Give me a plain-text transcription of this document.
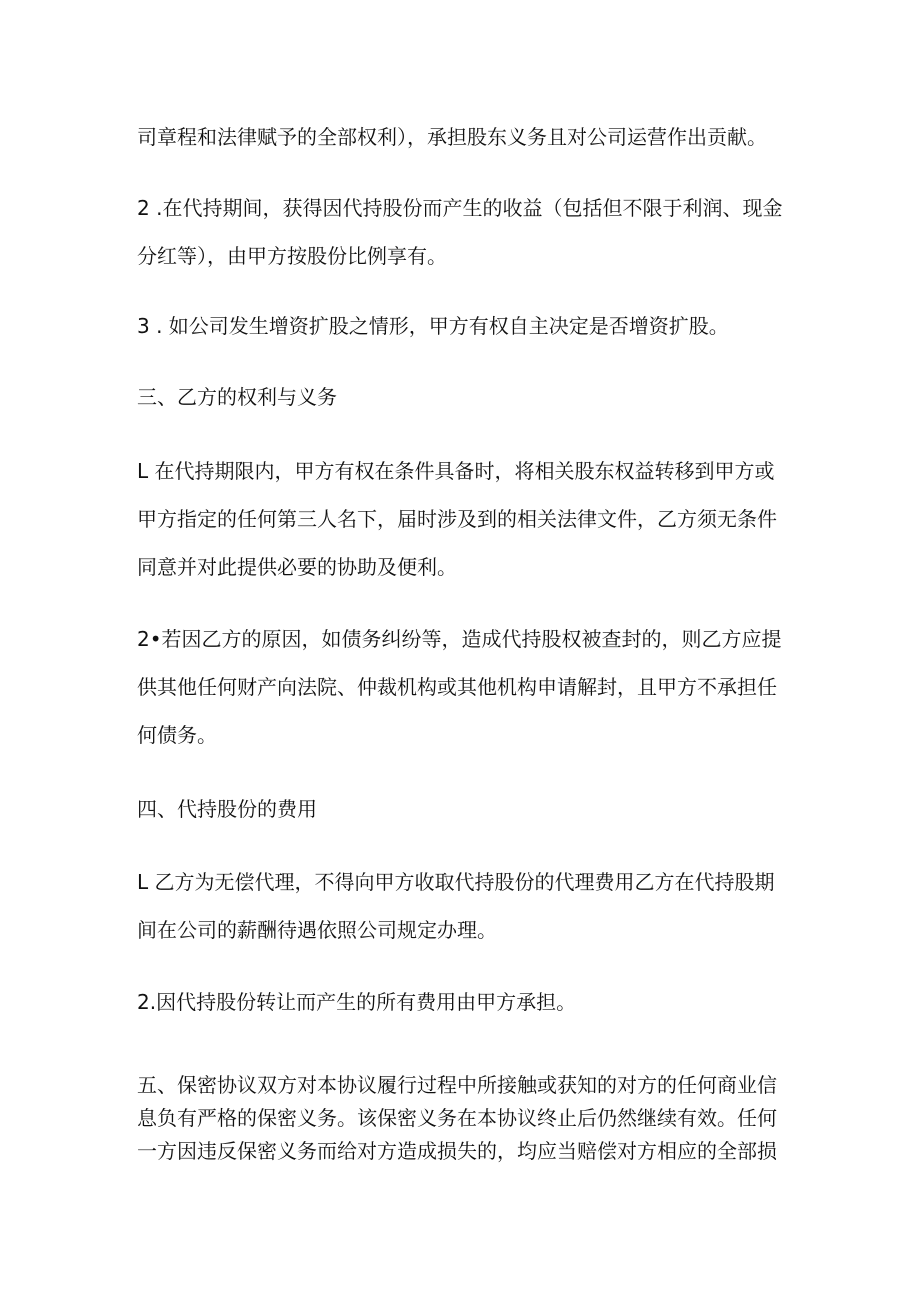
司章程和法律赋予的全部权利），承担股东义务且对公司运营作出贡献。

2 .在代持期间，获得因代持股份而产生的收益（包括但不限于利润、现金
分红等），由甲方按股份比例享有。

3 . 如公司发生增资扩股之情形，甲方有权自主决定是否增资扩股。

三、乙方的权利与义务

L 在代持期限内，甲方有权在条件具备时，将相关股东权益转移到甲方或
甲方指定的任何第三人名下，届时涉及到的相关法律文件，乙方须无条件
同意并对此提供必要的协助及便利。

2•若因乙方的原因，如债务纠纷等，造成代持股权被查封的，则乙方应提
供其他任何财产向法院、仲裁机构或其他机构申请解封，且甲方不承担任
何债务。

四、代持股份的费用

L 乙方为无偿代理，不得向甲方收取代持股份的代理费用乙方在代持股期
间在公司的薪酬待遇依照公司规定办理。

2.因代持股份转让而产生的所有费用由甲方承担。

五、保密协议双方对本协议履行过程中所接触或获知的对方的任何商业信
息负有严格的保密义务。该保密义务在本协议终止后仍然继续有效。任何
一方因违反保密义务而给对方造成损失的，均应当赔偿对方相应的全部损
